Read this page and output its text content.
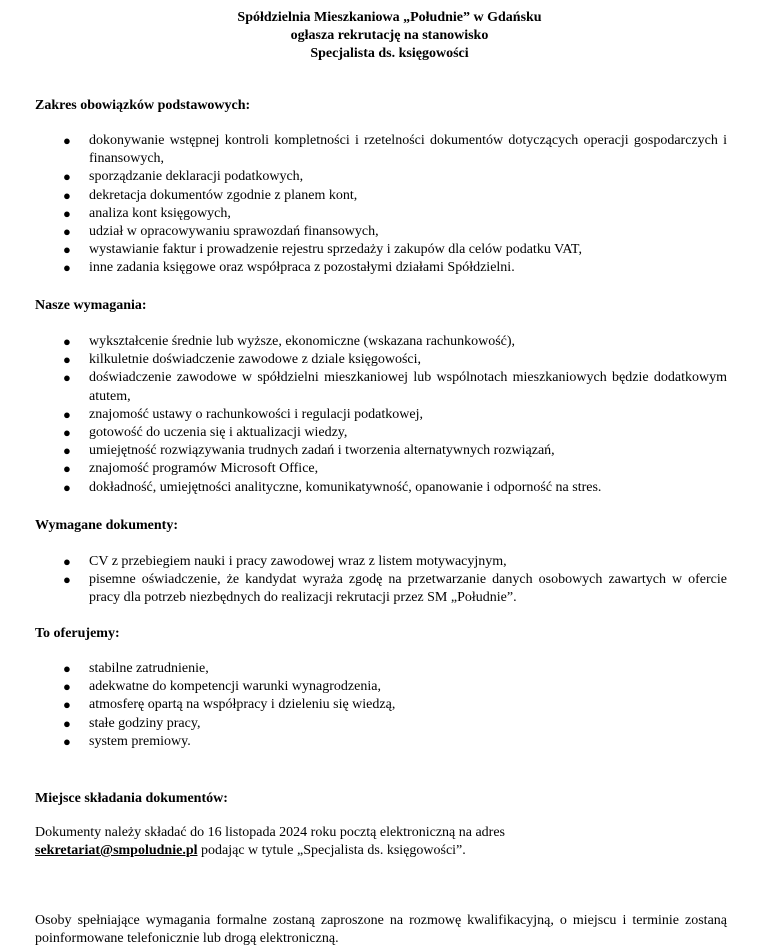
Spółdzielnia Mieszkaniowa „Południe” w Gdańsku
ogłasza rekrutację na stanowisko
Specjalista ds. księgowości
Zakres obowiązków podstawowych:
● dokonywanie wstępnej kontroli kompletności i rzetelności dokumentów dotyczących operacji gospodarczych i finansowych,
● sporządzanie deklaracji podatkowych,
● dekretacja dokumentów zgodnie z planem kont,
● analiza kont księgowych,
● udział w opracowywaniu sprawozdań finansowych,
● wystawianie faktur i prowadzenie rejestru sprzedaży i zakupów dla celów podatku VAT,
● inne zadania księgowe oraz współpraca z pozostałymi działami Spółdzielni.
Nasze wymagania:
● wykształcenie średnie lub wyższe, ekonomiczne (wskazana rachunkowość),
● kilkuletnie doświadczenie zawodowe z dziale księgowości,
● doświadczenie zawodowe w spółdzielni mieszkaniowej lub wspólnotach mieszkaniowych będzie dodatkowym atutem,
● znajomość ustawy o rachunkowości i regulacji podatkowej,
● gotowość do uczenia się i aktualizacji wiedzy,
● umiejętność rozwiązywania trudnych zadań i tworzenia alternatywnych rozwiązań,
● znajomość programów Microsoft Office,
● dokładność, umiejętności analityczne, komunikatywność, opanowanie i odporność na stres.
Wymagane dokumenty:
● CV z przebiegiem nauki i pracy zawodowej wraz z listem motywacyjnym,
● pisemne oświadczenie, że kandydat wyraża zgodę na przetwarzanie danych osobowych zawartych w ofercie pracy dla potrzeb niezbędnych do realizacji rekrutacji przez SM „Południe”.
To oferujemy:
● stabilne zatrudnienie,
● adekwatne do kompetencji warunki wynagrodzenia,
● atmosferę opartą na współpracy i dzieleniu się wiedzą,
● stałe godziny pracy,
● system premiowy.
Miejsce składania dokumentów:
Dokumenty należy składać do 16 listopada 2024 roku pocztą elektroniczną na adres
sekretariat@smpoludnie.pl podając w tytule „Specjalista ds. księgowości”.
Osoby spełniające wymagania formalne zostaną zaproszone na rozmowę kwalifikacyjną, o miejscu i terminie zostaną poinformowane telefonicznie lub drogą elektroniczną.
